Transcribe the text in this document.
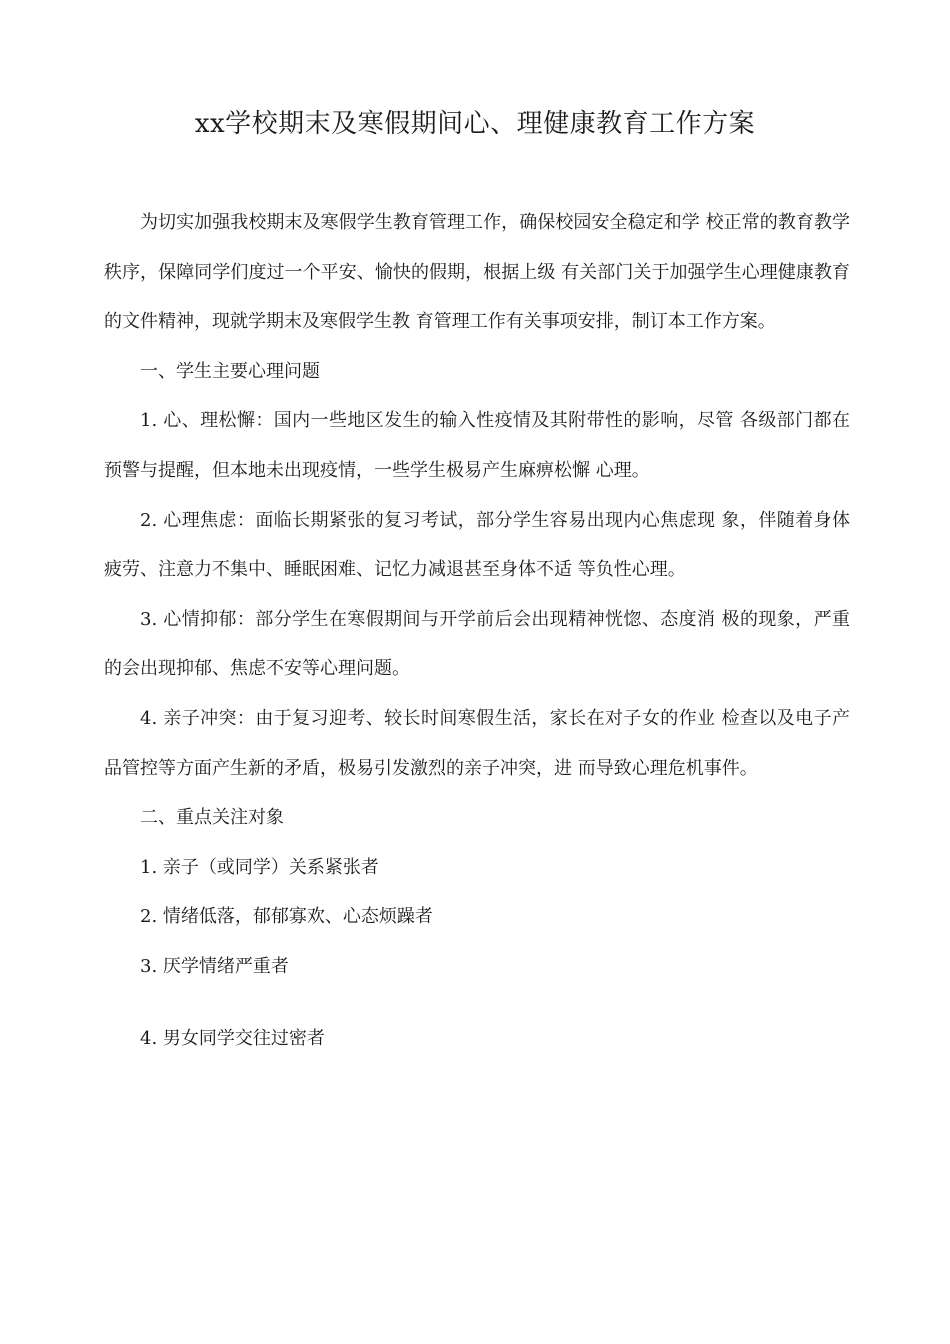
xx学校期末及寒假期间心、理健康教育工作方案

为切实加强我校期末及寒假学生教育管理工作，确保校园安全稳定和学 校正常的教育教学秩序，保障同学们度过一个平安、愉快的假期，根据上级 有关部门关于加强学生心理健康教育的文件精神，现就学期末及寒假学生教 育管理工作有关事项安排，制订本工作方案。

一、学生主要心理问题

1. 心、理松懈：国内一些地区发生的输入性疫情及其附带性的影响，尽管 各级部门都在预警与提醒，但本地未出现疫情，一些学生极易产生麻痹松懈 心理。

2. 心理焦虑：面临长期紧张的复习考试，部分学生容易出现内心焦虑现 象，伴随着身体疲劳、注意力不集中、睡眠困难、记忆力减退甚至身体不适 等负性心理。

3. 心情抑郁：部分学生在寒假期间与开学前后会出现精神恍惚、态度消 极的现象，严重的会出现抑郁、焦虑不安等心理问题。

4. 亲子冲突：由于复习迎考、较长时间寒假生活，家长在对子女的作业 检查以及电子产品管控等方面产生新的矛盾，极易引发激烈的亲子冲突，进 而导致心理危机事件。

二、重点关注对象

1. 亲子（或同学）关系紧张者

2. 情绪低落，郁郁寡欢、心态烦躁者

3. 厌学情绪严重者

4. 男女同学交往过密者
